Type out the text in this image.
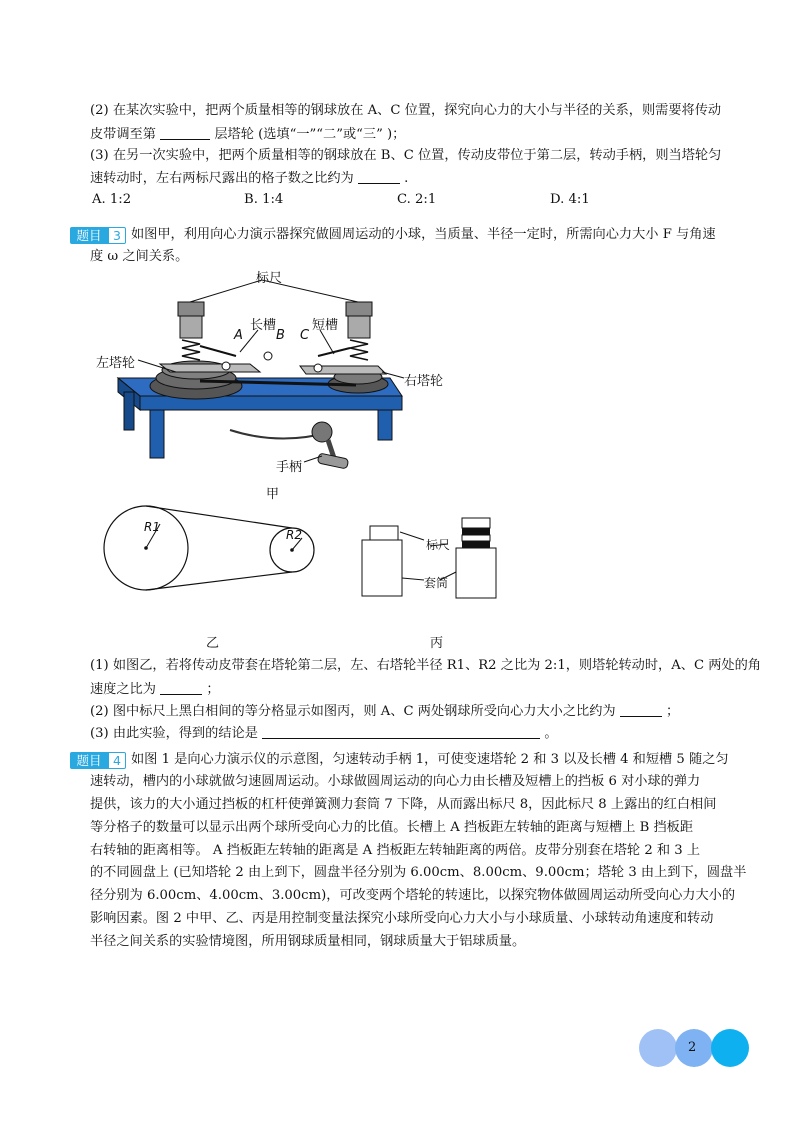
(2) 在某次实验中，把两个质量相等的钢球放在 A、C 位置，探究向心力的大小与半径的关系，则需要将传动
皮带调至第	层塔轮 (选填“一”“二”或“三” )；
(3) 在另一次实验中，把两个质量相等的钢球放在 B、C 位置，传动皮带位于第二层，转动手柄，则当塔轮匀
速转动时，左右两标尺露出的格子数之比约为	.
A. 1:2	B. 1:4	C. 2:1	D. 4:1
题目 3 如图甲，利用向心力演示器探究做圆周运动的小球，当质量、半径一定时，所需向心力大小 F 与角速
度 ω 之间关系。
标尺
长槽	短槽
A	B C
左塔轮
右塔轮
手柄
甲
R1
R2
乙
标尺
套筒
丙
(1) 如图乙，若将传动皮带套在塔轮第二层，左、右塔轮半径 R1、R2 之比为 2:1，则塔轮转动时，A、C 两处的角
速度之比为	；
(2) 图中标尺上黑白相间的等分格显示如图丙，则 A、C 两处钢球所受向心力大小之比约为	；
(3) 由此实验，得到的结论是	。
题目 4 如图 1 是向心力演示仪的示意图，匀速转动手柄 1，可使变速塔轮 2 和 3 以及长槽 4 和短槽 5 随之匀
速转动，槽内的小球就做匀速圆周运动。小球做圆周运动的向心力由长槽及短槽上的挡板 6 对小球的弹力
提供，该力的大小通过挡板的杠杆使弹簧测力套筒 7 下降，从而露出标尺 8，因此标尺 8 上露出的红白相间
等分格子的数量可以显示出两个球所受向心力的比值。长槽上 A 挡板距左转轴的距离与短槽上 B 挡板距
右转轴的距离相等。 A 挡板距左转轴的距离是 A 挡板距左转轴距离的两倍。皮带分别套在塔轮 2 和 3 上
的不同圆盘上 (已知塔轮 2 由上到下，圆盘半径分别为 6.00cm、8.00cm、9.00cm；塔轮 3 由上到下，圆盘半
径分别为 6.00cm、4.00cm、3.00cm)，可改变两个塔轮的转速比，以探究物体做圆周运动所受向心力大小的
影响因素。图 2 中甲、乙、丙是用控制变量法探究小球所受向心力大小与小球质量、小球转动角速度和转动
半径之间关系的实验情境图，所用钢球质量相同，钢球质量大于铝球质量。
2
